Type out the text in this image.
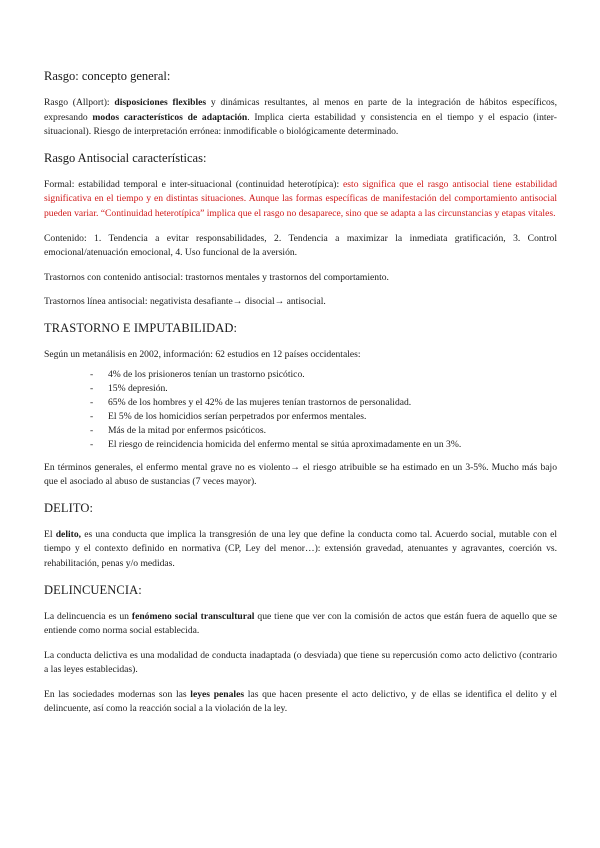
Rasgo: concepto general:

Rasgo (Allport): disposiciones flexibles y dinámicas resultantes, al menos en parte de la integración de hábitos específicos, expresando modos característicos de adaptación. Implica cierta estabilidad y consistencia en el tiempo y el espacio (inter-situacional). Riesgo de interpretación errónea: inmodificable o biológicamente determinado.

Rasgo Antisocial características:

Formal: estabilidad temporal e inter-situacional (continuidad heterotípica): esto significa que el rasgo antisocial tiene estabilidad significativa en el tiempo y en distintas situaciones. Aunque las formas específicas de manifestación del comportamiento antisocial pueden variar. “Continuidad heterotípica” implica que el rasgo no desaparece, sino que se adapta a las circunstancias y etapas vitales.

Contenido: 1. Tendencia a evitar responsabilidades, 2. Tendencia a maximizar la inmediata gratificación, 3. Control emocional/atenuación emocional, 4. Uso funcional de la aversión.

Trastornos con contenido antisocial: trastornos mentales y trastornos del comportamiento.

Trastornos línea antisocial: negativista desafiante→ disocial→ antisocial.

TRASTORNO E IMPUTABILIDAD:

Según un metanálisis en 2002, información: 62 estudios en 12 países occidentales:

- 4% de los prisioneros tenían un trastorno psicótico.
- 15% depresión.
- 65% de los hombres y el 42% de las mujeres tenían trastornos de personalidad.
- El 5% de los homicidios serían perpetrados por enfermos mentales.
- Más de la mitad por enfermos psicóticos.
- El riesgo de reincidencia homicida del enfermo mental se sitúa aproximadamente en un 3%.

En términos generales, el enfermo mental grave no es violento→ el riesgo atribuible se ha estimado en un 3-5%. Mucho más bajo que el asociado al abuso de sustancias (7 veces mayor).

DELITO:

El delito, es una conducta que implica la transgresión de una ley que define la conducta como tal. Acuerdo social, mutable con el tiempo y el contexto definido en normativa (CP, Ley del menor…): extensión gravedad, atenuantes y agravantes, coerción vs. rehabilitación, penas y/o medidas.

DELINCUENCIA:

La delincuencia es un fenómeno social transcultural que tiene que ver con la comisión de actos que están fuera de aquello que se entiende como norma social establecida.

La conducta delictiva es una modalidad de conducta inadaptada (o desviada) que tiene su repercusión como acto delictivo (contrario a las leyes establecidas).

En las sociedades modernas son las leyes penales las que hacen presente el acto delictivo, y de ellas se identifica el delito y el delincuente, así como la reacción social a la violación de la ley.
